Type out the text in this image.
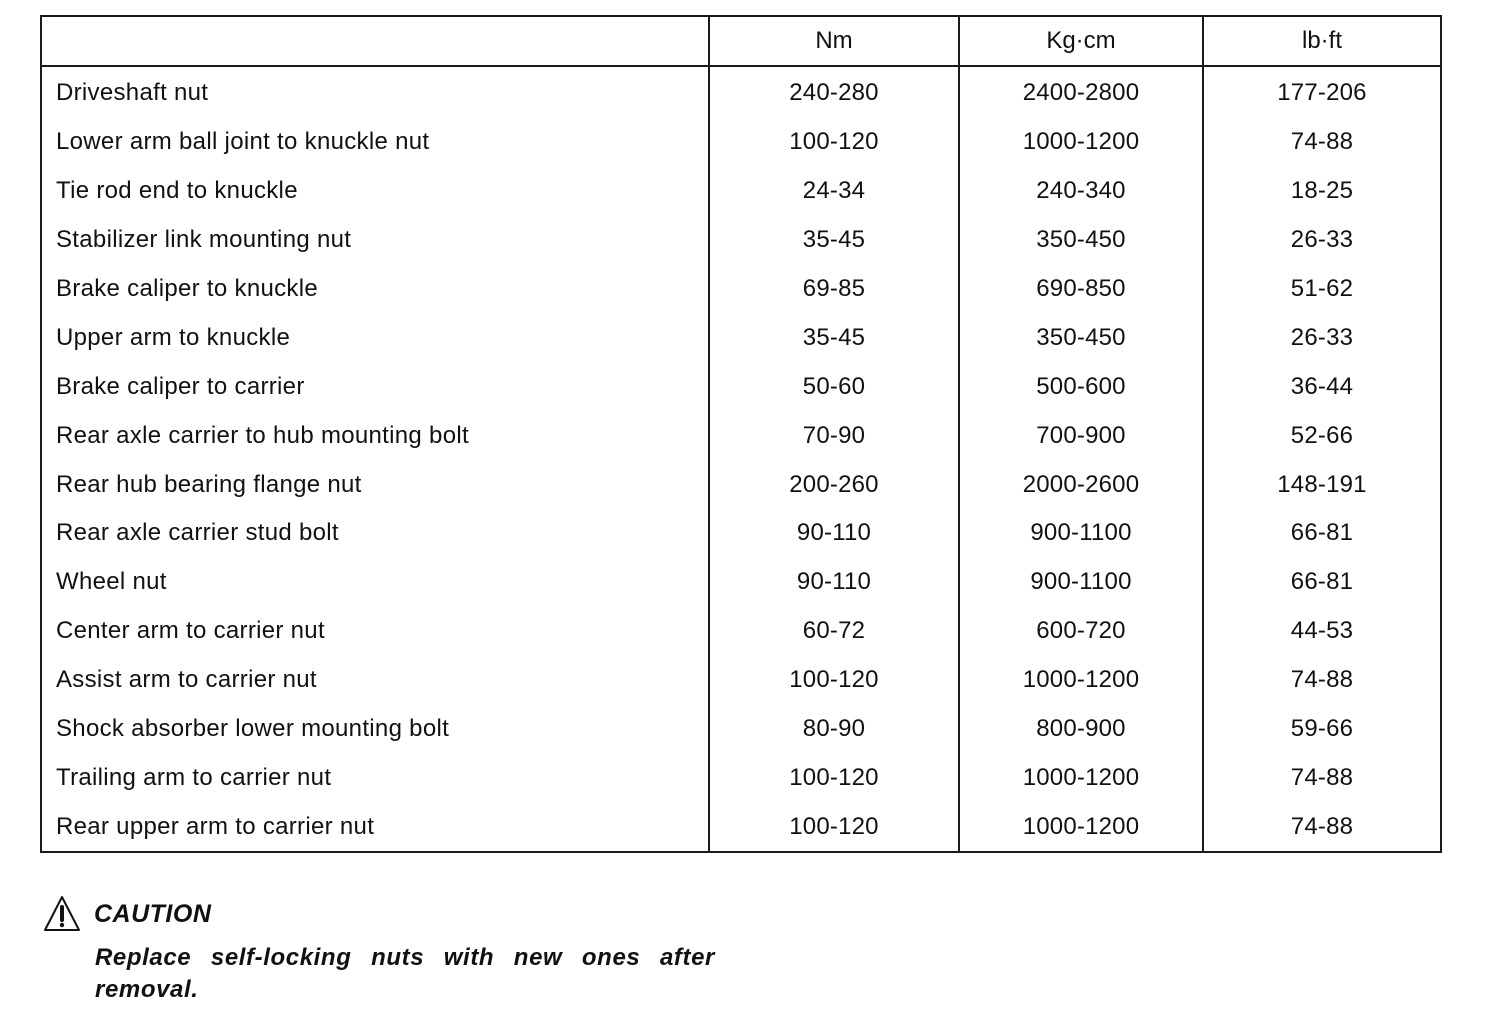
	Nm	Kg·cm	lb·ft
Driveshaft nut	240-280	2400-2800	177-206
Lower arm ball joint to knuckle nut	100-120	1000-1200	74-88
Tie rod end to knuckle	24-34	240-340	18-25
Stabilizer link mounting nut	35-45	350-450	26-33
Brake caliper to knuckle	69-85	690-850	51-62
Upper arm to knuckle	35-45	350-450	26-33
Brake caliper to carrier	50-60	500-600	36-44
Rear axle carrier to hub mounting bolt	70-90	700-900	52-66
Rear hub bearing flange nut	200-260	2000-2600	148-191
Rear axle carrier stud bolt	90-110	900-1100	66-81
Wheel nut	90-110	900-1100	66-81
Center arm to carrier nut	60-72	600-720	44-53
Assist arm to carrier nut	100-120	1000-1200	74-88
Shock absorber lower mounting bolt	80-90	800-900	59-66
Trailing arm to carrier nut	100-120	1000-1200	74-88
Rear upper arm to carrier nut	100-120	1000-1200	74-88
CAUTION
Replace self-locking nuts with new ones after removal.
